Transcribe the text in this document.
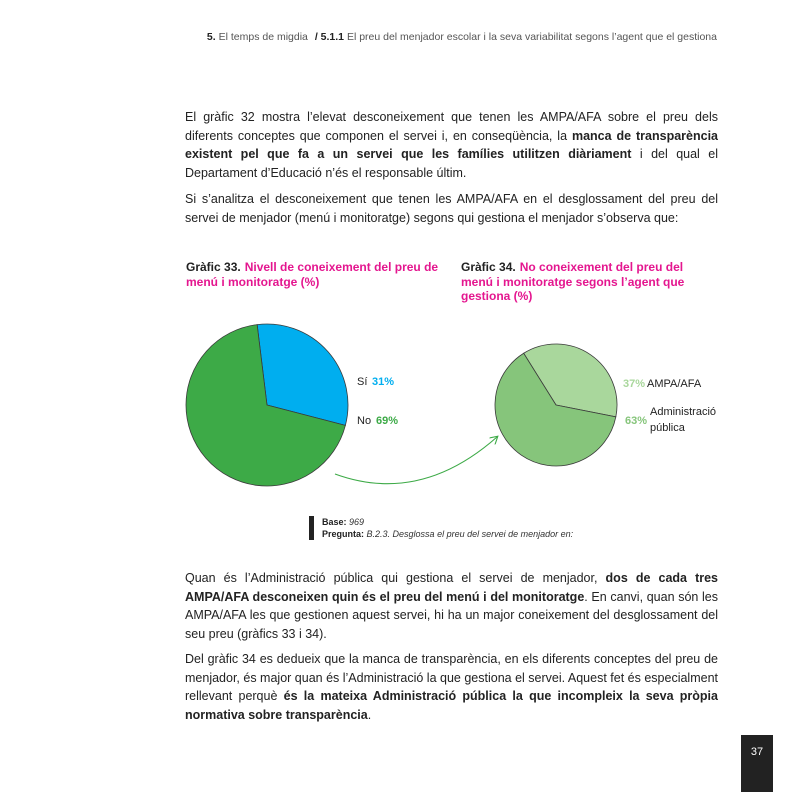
5. El temps de migdia / 5.1.1 El preu del menjador escolar i la seva variabilitat segons l’agent que el gestiona

El gràfic 32 mostra l’elevat desconeixement que tenen les AMPA/AFA sobre el preu dels diferents conceptes que componen el servei i, en conseqüència, la manca de transparència existent pel que fa a un servei que les famílies utilitzen diàriament i del qual el Departament d’Educació n’és el responsable últim.

Si s’analitza el desconeixement que tenen les AMPA/AFA en el desglossament del preu del servei de menjador (menú i monitoratge) segons qui gestiona el menjador s’observa que:

Gràfic 33. Nivell de coneixement del preu de menú i monitoratge (%)
Gràfic 34. No coneixement del preu del menú i monitoratge segons l’agent que gestiona (%)
Sí 31%
No 69%
37% AMPA/AFA
63%
Administració
pública
Base: 969
Pregunta: B.2.3. Desglossa el preu del servei de menjador en:

Quan és l’Administració pública qui gestiona el servei de menjador, dos de cada tres AMPA/AFA desconeixen quin és el preu del menú i del monitoratge. En canvi, quan són les AMPA/AFA les que gestionen aquest servei, hi ha un major coneixement del desglossament del seu preu (gràfics 33 i 34).

Del gràfic 34 es dedueix que la manca de transparència, en els diferents conceptes del preu de menjador, és major quan és l’Administració la que gestiona el servei. Aquest fet és especialment rellevant perquè és la mateixa Administració pública la que incompleix la seva pròpia normativa sobre transparència.

37
